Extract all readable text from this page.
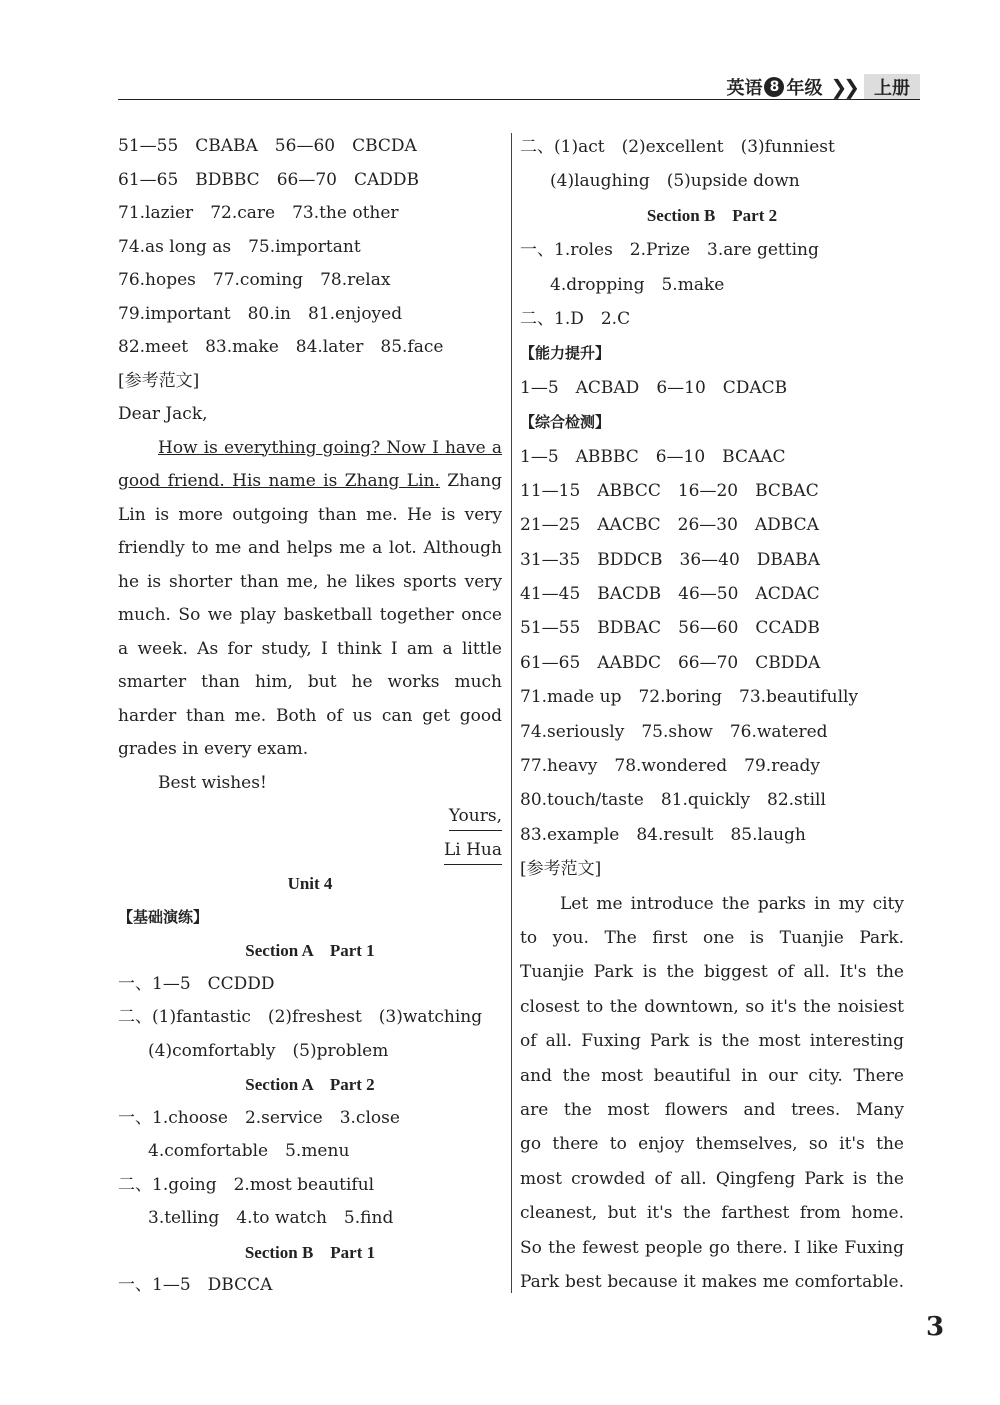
英语 8 年级 ❯❯	上册
51—55　CBABA　56—60　CBCDA
61—65　BDBBC　66—70　CADDB
71.lazier　72.care　73.the other
74.as long as　75.important
76.hopes　77.coming　78.relax
79.important　80.in　81.enjoyed
82.meet　83.make　84.later　85.face
[参考范文]
Dear Jack,
How is everything going? Now I have a
good friend. His name is Zhang Lin. Zhang
Lin is more outgoing than me. He is very
friendly to me and helps me a lot. Although
he is shorter than me, he likes sports very
much. So we play basketball together once
a week. As for study, I think I am a little
smarter than him, but he works much
harder than me. Both of us can get good
grades in every exam.
Best wishes!
Yours,
Li Hua
Unit 4
【基础演练】
Section A　Part 1
一、1—5　CCDDD
二、(1)fantastic　(2)freshest　(3)watching
(4)comfortably　(5)problem
Section A　Part 2
一、1.choose　2.service　3.close
4.comfortable　5.menu
二、1.going　2.most beautiful
3.telling　4.to watch　5.find
Section B　Part 1
一、1—5　DBCCA
二、(1)act　(2)excellent　(3)funniest
(4)laughing　(5)upside down
Section B　Part 2
一、1.roles　2.Prize　3.are getting
4.dropping　5.make
二、1.D　2.C
【能力提升】
1—5　ACBAD　6—10　CDACB
【综合检测】
1—5　ABBBC　6—10　BCAAC
11—15　ABBCC　16—20　BCBAC
21—25　AACBC　26—30　ADBCA
31—35　BDDCB　36—40　DBABA
41—45　BACDB　46—50　ACDAC
51—55　BDBAC　56—60　CCADB
61—65　AABDC　66—70　CBDDA
71.made up　72.boring　73.beautifully
74.seriously　75.show　76.watered
77.heavy　78.wondered　79.ready
80.touch/taste　81.quickly　82.still
83.example　84.result　85.laugh
[参考范文]
Let me introduce the parks in my city
to you. The first one is Tuanjie Park.
Tuanjie Park is the biggest of all. It's the
closest to the downtown, so it's the noisiest
of all. Fuxing Park is the most interesting
and the most beautiful in our city. There
are the most flowers and trees. Many
go there to enjoy themselves, so it's the
most crowded of all. Qingfeng Park is the
cleanest, but it's the farthest from home.
So the fewest people go there. I like Fuxing
Park best because it makes me comfortable.
3
